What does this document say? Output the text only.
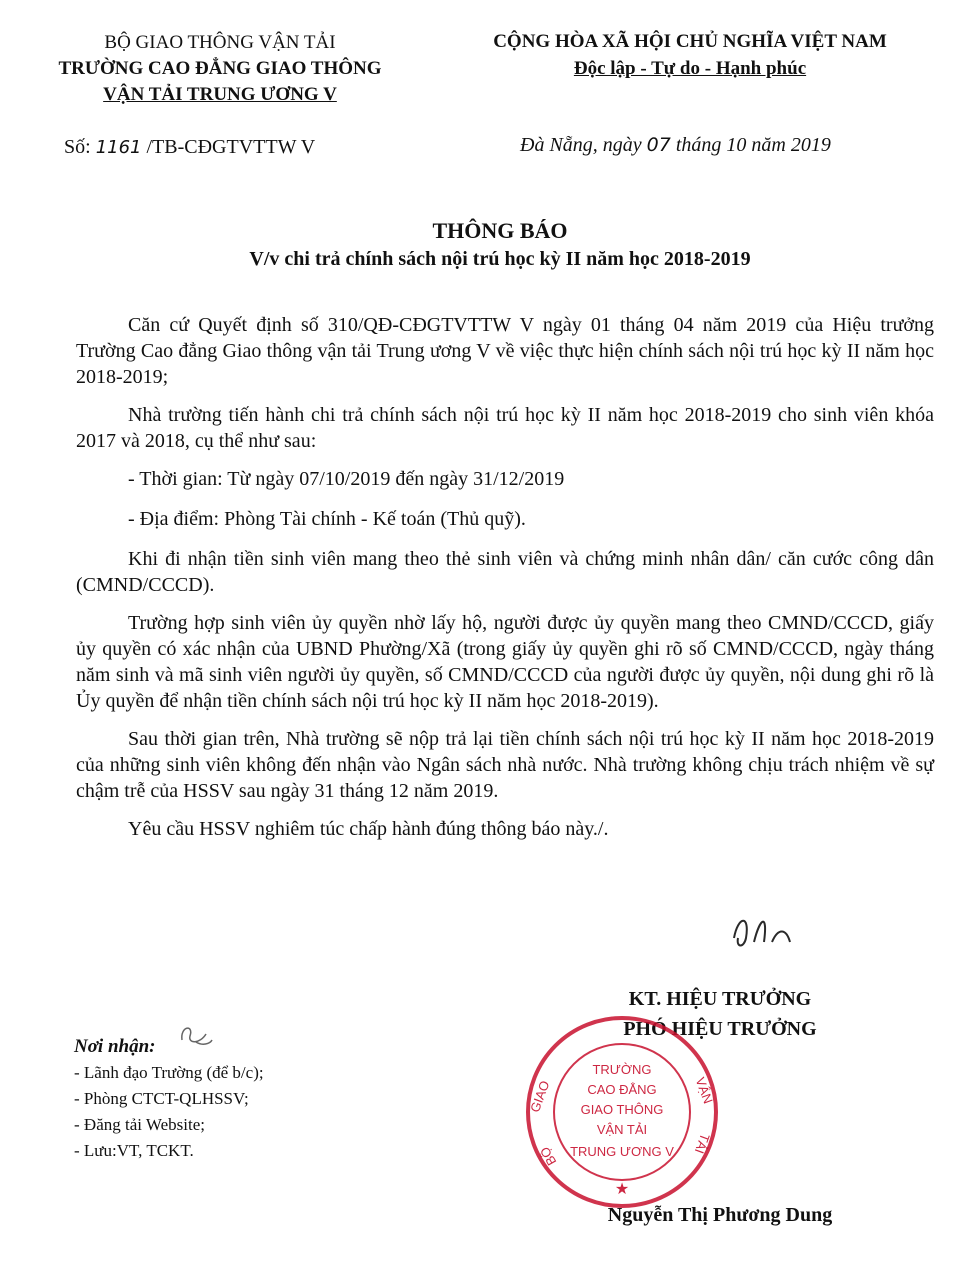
BỘ GIAO THÔNG VẬN TẢI
TRƯỜNG CAO ĐẲNG GIAO THÔNG
VẬN TẢI TRUNG ƯƠNG V
CỘNG HÒA XÃ HỘI CHỦ NGHĨA VIỆT NAM
Độc lập - Tự do - Hạnh phúc
Số: 1161 /TB-CĐGTVTTW V	Đà Nẵng, ngày 07 tháng 10 năm 2019
THÔNG BÁO
V/v chi trả chính sách nội trú học kỳ II năm học 2018-2019

Căn cứ Quyết định số 310/QĐ-CĐGTVTTW V ngày 01 tháng 04 năm 2019 của Hiệu trưởng Trường Cao đẳng Giao thông vận tải Trung ương V về việc thực hiện chính sách nội trú học kỳ II năm học 2018-2019;

Nhà trường tiến hành chi trả chính sách nội trú học kỳ II năm học 2018-2019 cho sinh viên khóa 2017 và 2018, cụ thể như sau:

- Thời gian: Từ ngày 07/10/2019 đến ngày 31/12/2019

- Địa điểm: Phòng Tài chính - Kế toán (Thủ quỹ).

Khi đi nhận tiền sinh viên mang theo thẻ sinh viên và chứng minh nhân dân/ căn cước công dân (CMND/CCCD).

Trường hợp sinh viên ủy quyền nhờ lấy hộ, người được ủy quyền mang theo CMND/CCCD, giấy ủy quyền có xác nhận của UBND Phường/Xã (trong giấy ủy quyền ghi rõ số CMND/CCCD, ngày tháng năm sinh và mã sinh viên người ủy quyền, số CMND/CCCD của người được ủy quyền, nội dung ghi rõ là Ủy quyền để nhận tiền chính sách nội trú học kỳ II năm học 2018-2019).

Sau thời gian trên, Nhà trường sẽ nộp trả lại tiền chính sách nội trú học kỳ II năm học 2018-2019 của những sinh viên không đến nhận vào Ngân sách nhà nước. Nhà trường không chịu trách nhiệm về sự chậm trễ của HSSV sau ngày 31 tháng 12 năm 2019.

Yêu cầu HSSV nghiêm túc chấp hành đúng thông báo này./.

KT. HIỆU TRƯỞNG
PHÓ HIỆU TRƯỞNG
TRƯỜNG
CAO ĐẲNG
GIAO THÔNG
VẬN TẢI
TRUNG ƯƠNG V
GIAO	VẬN
TẢI
BỘ
★
Nguyễn Thị Phương Dung
Nơi nhận:
- Lãnh đạo Trường (để b/c);
- Phòng CTCT-QLHSSV;
- Đăng tải Website;
- Lưu:VT, TCKT.
